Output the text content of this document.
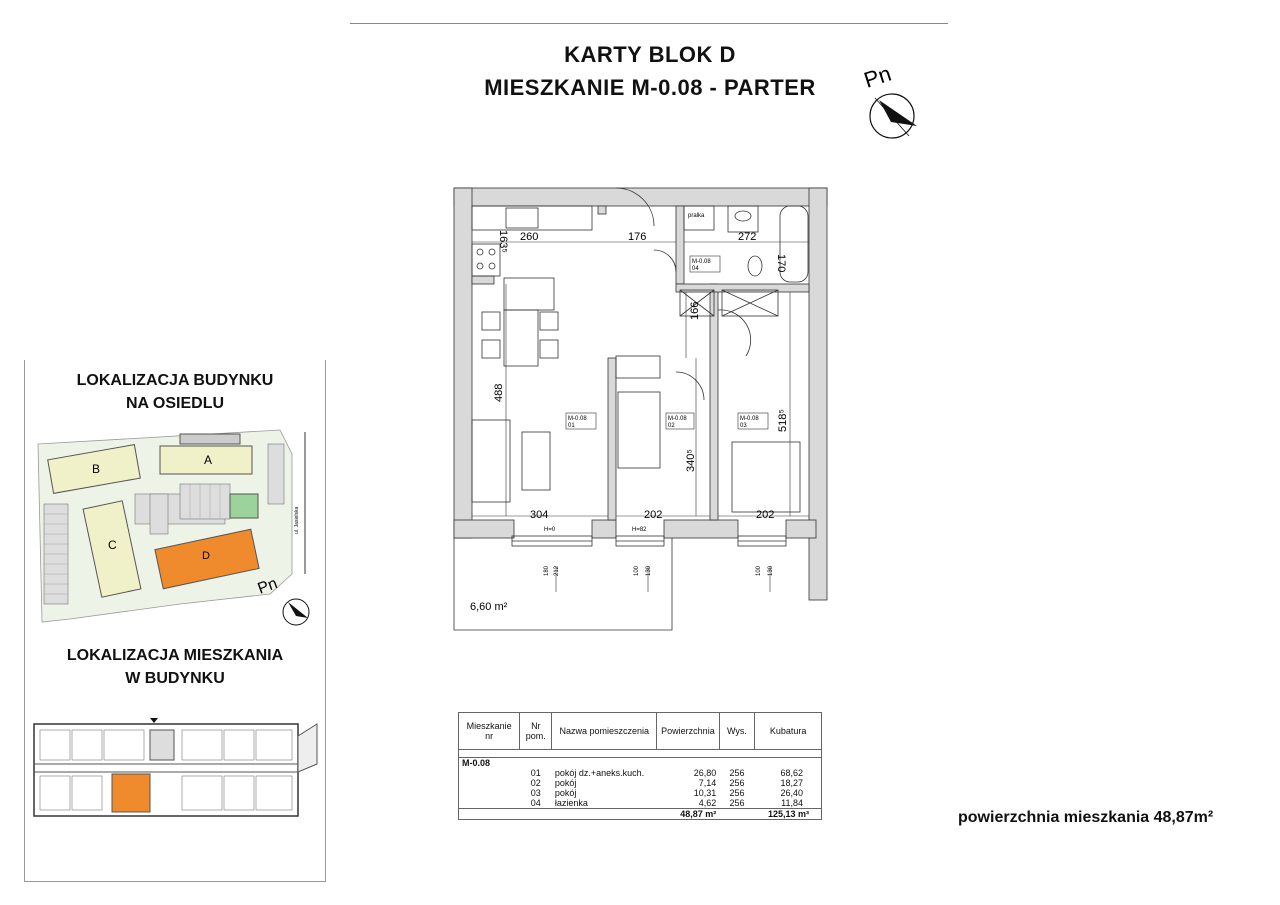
KARTY BLOK D
MIESZKANIE M-0.08 - PARTER	Pn
LOKALIZACJA BUDYNKU
NA OSIEDLU
B
A
C
D
ul. Jasielska
Pn
LOKALIZACJA MIESZKANIA
W BUDYNKU
260	176	272
170
163⁵
166
488
340⁵
518⁵
304	202	202
H=0	H=82
180 212	100 130	100 130
pralka
M-0.08
01
M-0.08
02
M-0.08
03
M-0.08
04
6,60 m²
Mieszkanie nr	Nr pom.	Nazwa pomieszczenia	Powierzchnia	Wys.	Kubatura

M-0.08					
	01	pokój dz.+aneks.kuch.	26,80	256	68,62
	02	pokój	7,14	256	18,27
	03	pokój	10,31	256	26,40
	04	łazienka	4,62	256	11,84
			48,87 m²		125,13 m³	powierzchnia mieszkania 48,87m²
